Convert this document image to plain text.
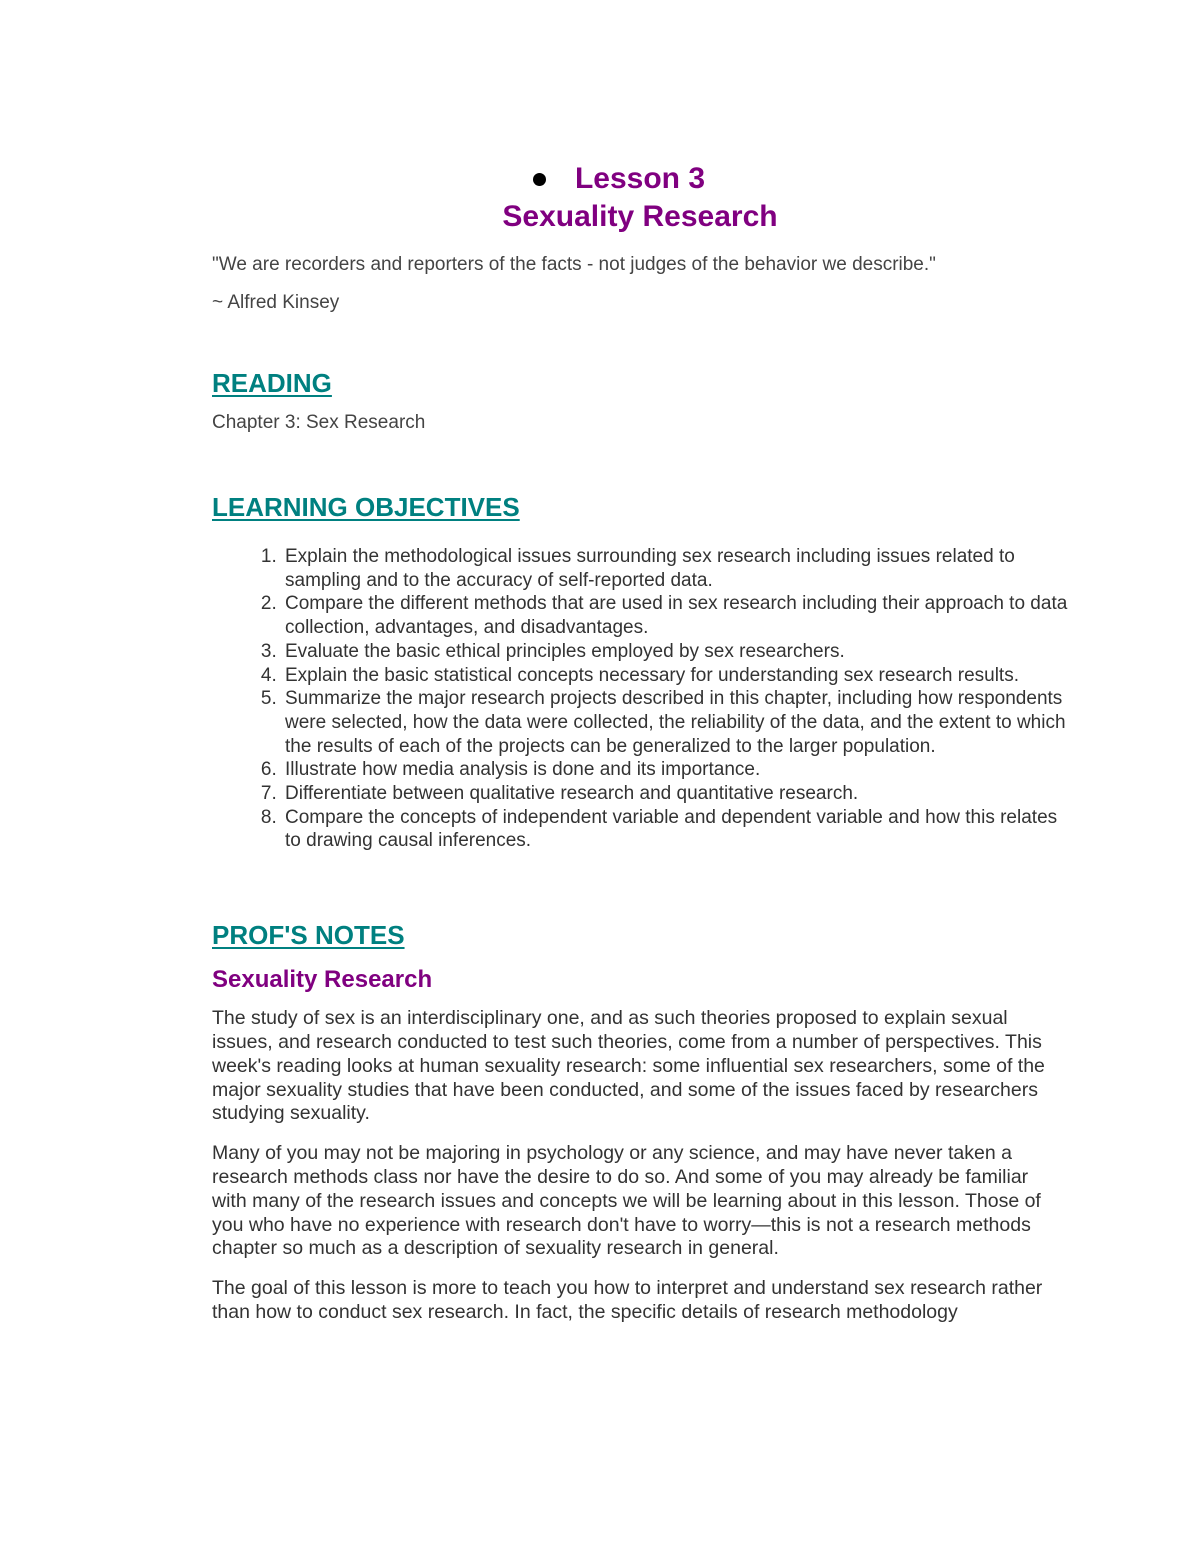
Lesson 3
Sexuality Research
"We are recorders and reporters of the facts - not judges of the behavior we describe."
~ Alfred Kinsey
READING
Chapter 3: Sex Research
LEARNING OBJECTIVES
1. Explain the methodological issues surrounding sex research including issues related to sampling and to the accuracy of self-reported data.
2. Compare the different methods that are used in sex research including their approach to data collection, advantages, and disadvantages.
3. Evaluate the basic ethical principles employed by sex researchers.
4. Explain the basic statistical concepts necessary for understanding sex research results.
5. Summarize the major research projects described in this chapter, including how respondents were selected, how the data were collected, the reliability of the data, and the extent to which the results of each of the projects can be generalized to the larger population.
6. Illustrate how media analysis is done and its importance.
7. Differentiate between qualitative research and quantitative research.
8. Compare the concepts of independent variable and dependent variable and how this relates to drawing causal inferences.
PROF'S NOTES
Sexuality Research
The study of sex is an interdisciplinary one, and as such theories proposed to explain sexual issues, and research conducted to test such theories, come from a number of perspectives. This week's reading looks at human sexuality research: some influential sex researchers, some of the major sexuality studies that have been conducted, and some of the issues faced by researchers studying sexuality.
Many of you may not be majoring in psychology or any science, and may have never taken a research methods class nor have the desire to do so. And some of you may already be familiar with many of the research issues and concepts we will be learning about in this lesson. Those of you who have no experience with research don't have to worry—this is not a research methods chapter so much as a description of sexuality research in general.
The goal of this lesson is more to teach you how to interpret and understand sex research rather than how to conduct sex research. In fact, the specific details of research methodology
